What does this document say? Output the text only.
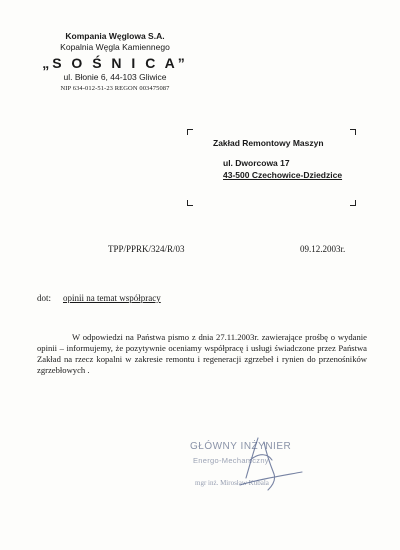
Kompania Węglowa S.A.
Kopalnia Węgla Kamiennego
„S O Ś N I C A”
ul. Błonie 6, 44-103 Gliwice
NIP 634-012-51-23 REGON 003475087
Zakład Remontowy Maszyn
ul. Dworcowa 17
43-500 Czechowice-Dziedzice
TPP/PPRK/324/R/03	09.12.2003r.
dot: opinii na temat współpracy

W odpowiedzi na Państwa pismo z dnia 27.11.2003r. zawierające prośbę o wydanie opinii – informujemy, że pozytywnie oceniamy współpracę i usługi świadczone przez Państwa Zakład na rzecz kopalni w zakresie remontu i regeneracji zgrzebeł i rynien do przenośników zgrzebłowych .

GŁÓWNY INŻYNIER
Energo-Mechaniczny
mgr inż. Mirosław Kubala
